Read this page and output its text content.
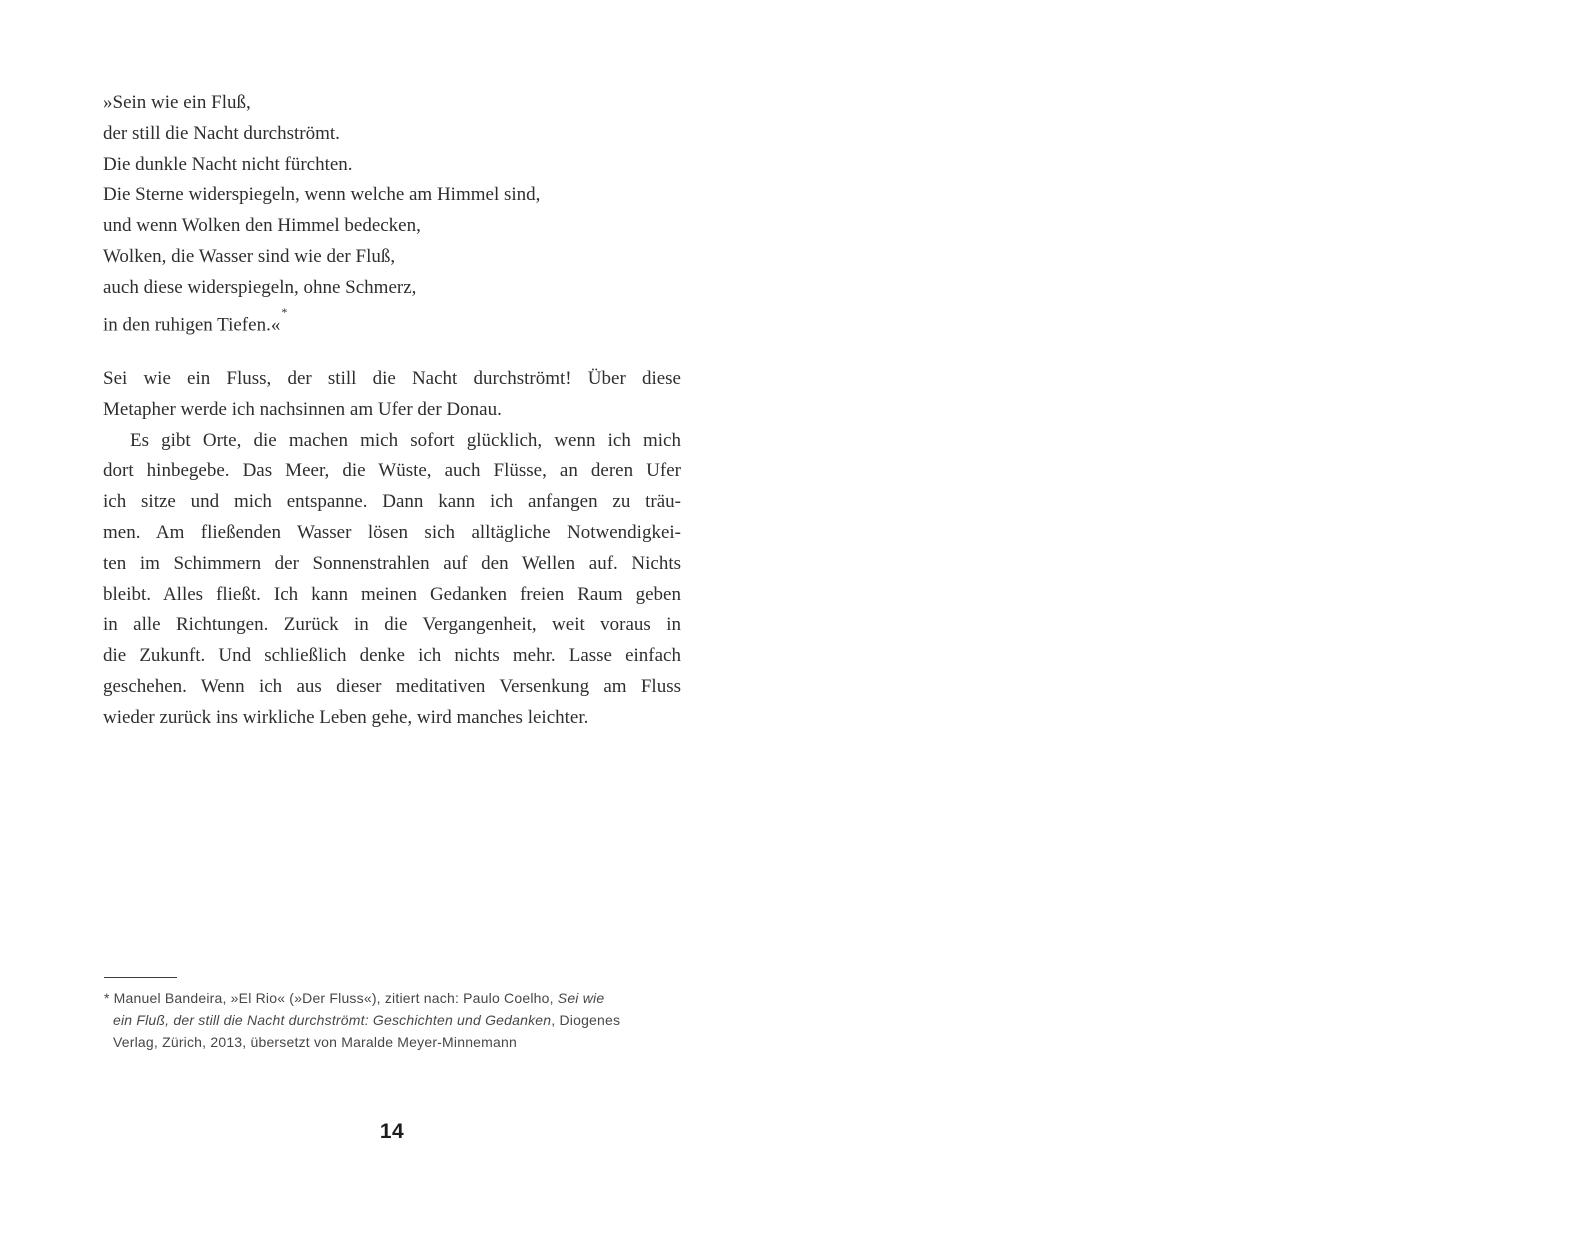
»Sein wie ein Fluß,
der still die Nacht durchströmt.
Die dunkle Nacht nicht fürchten.
Die Sterne widerspiegeln, wenn welche am Himmel sind,
und wenn Wolken den Himmel bedecken,
Wolken, die Wasser sind wie der Fluß,
auch diese widerspiegeln, ohne Schmerz,
in den ruhigen Tiefen.«*
Sei wie ein Fluss, der still die Nacht durchströmt! Über diese
Metapher werde ich nachsinnen am Ufer der Donau.
Es gibt Orte, die machen mich sofort glücklich, wenn ich mich
dort hinbegebe. Das Meer, die Wüste, auch Flüsse, an deren Ufer
ich sitze und mich entspanne. Dann kann ich anfangen zu träu-
men. Am fließenden Wasser lösen sich alltägliche Notwendigkei-
ten im Schimmern der Sonnenstrahlen auf den Wellen auf. Nichts
bleibt. Alles fließt. Ich kann meinen Gedanken freien Raum geben
in alle Richtungen. Zurück in die Vergangenheit, weit voraus in
die Zukunft. Und schließlich denke ich nichts mehr. Lasse einfach
geschehen. Wenn ich aus dieser meditativen Versenkung am Fluss
wieder zurück ins wirkliche Leben gehe, wird manches leichter.
* Manuel Bandeira, »El Rio« (»Der Fluss«), zitiert nach: Paulo Coelho, Sei wie
ein Fluß, der still die Nacht durchströmt: Geschichten und Gedanken, Diogenes
Verlag, Zürich, 2013, übersetzt von Maralde Meyer-Minnemann
14
